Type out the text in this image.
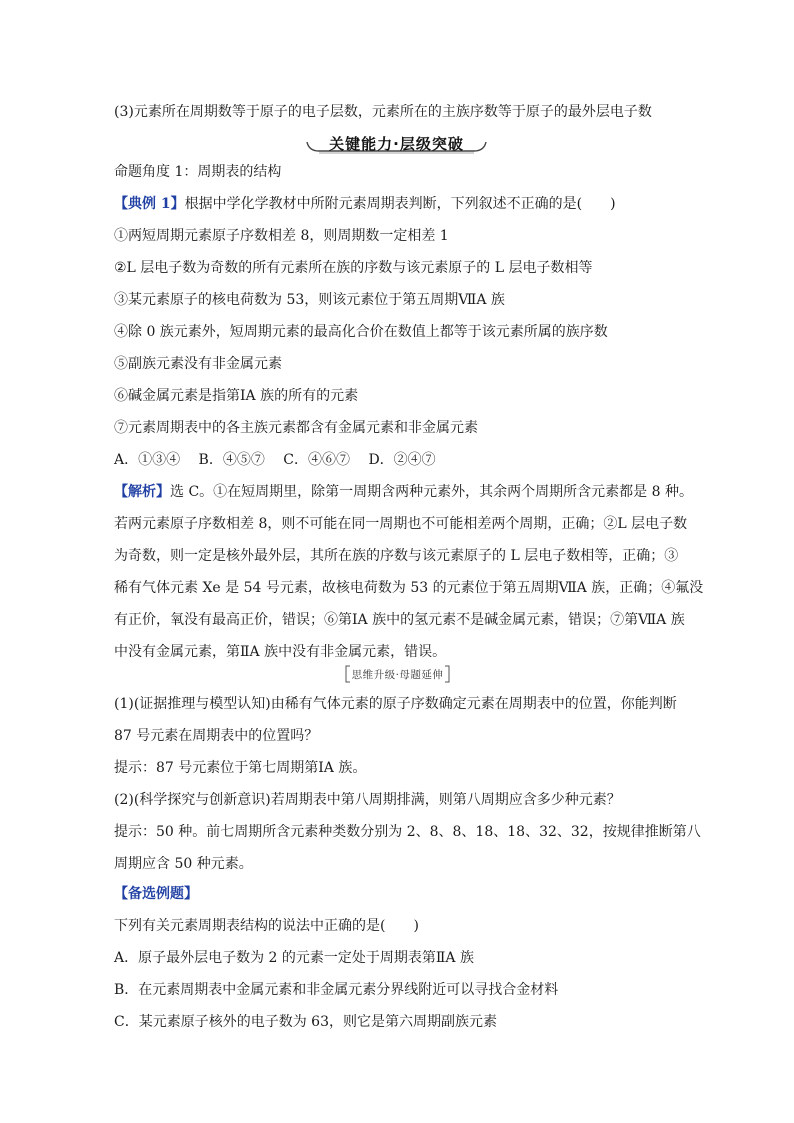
(3)元素所在周期数等于原子的电子层数，元素所在的主族序数等于原子的最外层电子数
关键能力·层级突破
命题角度 1：周期表的结构
【典例 1】根据中学化学教材中所附元素周期表判断，下列叙述不正确的是(　　)
①两短周期元素原子序数相差 8，则周期数一定相差 1
②L 层电子数为奇数的所有元素所在族的序数与该元素原子的 L 层电子数相等
③某元素原子的核电荷数为 53，则该元素位于第五周期ⅦA 族
④除 0 族元素外，短周期元素的最高化合价在数值上都等于该元素所属的族序数
⑤副族元素没有非金属元素
⑥碱金属元素是指第ⅠA 族的所有的元素
⑦元素周期表中的各主族元素都含有金属元素和非金属元素
A．①③④　 B．④⑤⑦　 C．④⑥⑦　 D．②④⑦
【解析】选 C。①在短周期里，除第一周期含两种元素外，其余两个周期所含元素都是 8 种。
若两元素原子序数相差 8，则不可能在同一周期也不可能相差两个周期，正确；②L 层电子数
为奇数，则一定是核外最外层，其所在族的序数与该元素原子的 L 层电子数相等，正确；③
稀有气体元素 Xe 是 54 号元素，故核电荷数为 53 的元素位于第五周期ⅦA 族，正确；④氟没
有正价，氧没有最高正价，错误；⑥第ⅠA 族中的氢元素不是碱金属元素，错误；⑦第ⅦA 族
中没有金属元素，第ⅡA 族中没有非金属元素，错误。
思维升级·母题延伸
(1)(证据推理与模型认知)由稀有气体元素的原子序数确定元素在周期表中的位置，你能判断
87 号元素在周期表中的位置吗？
提示：87 号元素位于第七周期第ⅠA 族。
(2)(科学探究与创新意识)若周期表中第八周期排满，则第八周期应含多少种元素？
提示：50 种。前七周期所含元素种类数分别为 2、8、8、18、18、32、32，按规律推断第八
周期应含 50 种元素。
【备选例题】
下列有关元素周期表结构的说法中正确的是(　　)
A．原子最外层电子数为 2 的元素一定处于周期表第ⅡA 族
B．在元素周期表中金属元素和非金属元素分界线附近可以寻找合金材料
C．某元素原子核外的电子数为 63，则它是第六周期副族元素
